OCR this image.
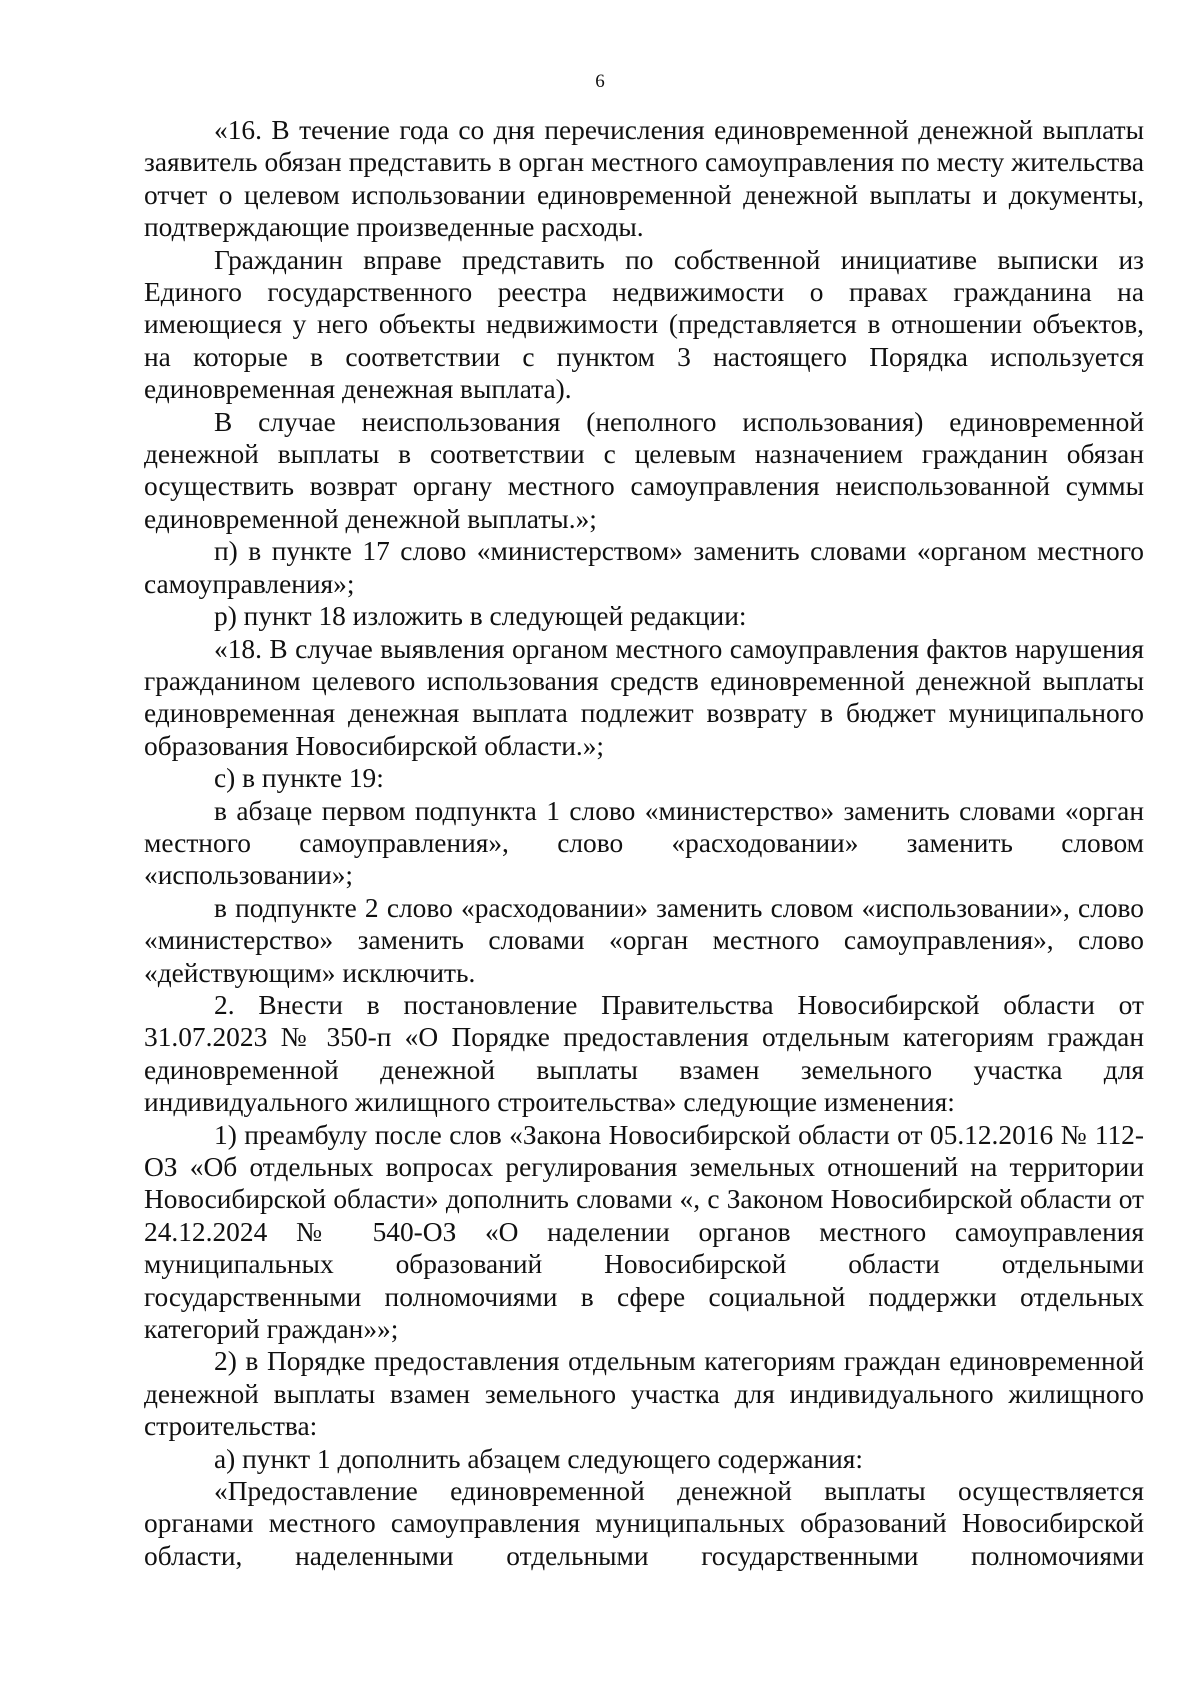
6

«16. В течение года со дня перечисления единовременной денежной выплаты заявитель обязан представить в орган местного самоуправления по месту жительства отчет о целевом использовании единовременной денежной выплаты и документы, подтверждающие произведенные расходы.

Гражданин вправе представить по собственной инициативе выписки из Единого государственного реестра недвижимости о правах гражданина на имеющиеся у него объекты недвижимости (представляется в отношении объектов, на которые в соответствии с пунктом 3 настоящего Порядка используется единовременная денежная выплата).

В случае неиспользования (неполного использования) единовременной денежной выплаты в соответствии с целевым назначением гражданин обязан осуществить возврат органу местного самоуправления неиспользованной суммы единовременной денежной выплаты.»;

п) в пункте 17 слово «министерством» заменить словами «органом местного самоуправления»;

р) пункт 18 изложить в следующей редакции:

«18. В случае выявления органом местного самоуправления фактов нарушения гражданином целевого использования средств единовременной денежной выплаты единовременная денежная выплата подлежит возврату в бюджет муниципального образования Новосибирской области.»;

с) в пункте 19:

в абзаце первом подпункта 1 слово «министерство» заменить словами «орган местного самоуправления», слово «расходовании» заменить словом «использовании»;

в подпункте 2 слово «расходовании» заменить словом «использовании», слово «министерство» заменить словами «орган местного самоуправления», слово «действующим» исключить.

2. Внести в постановление Правительства Новосибирской области от 31.07.2023 № 350-п «О Порядке предоставления отдельным категориям граждан единовременной денежной выплаты взамен земельного участка для индивидуального жилищного строительства» следующие изменения:

1) преамбулу после слов «Закона Новосибирской области от 05.12.2016 № 112-ОЗ «Об отдельных вопросах регулирования земельных отношений на территории Новосибирской области» дополнить словами «, с Законом Новосибирской области от 24.12.2024 № 540-ОЗ «О наделении органов местного самоуправления муниципальных образований Новосибирской области отдельными государственными полномочиями в сфере социальной поддержки отдельных категорий граждан»»;

2) в Порядке предоставления отдельным категориям граждан единовременной денежной выплаты взамен земельного участка для индивидуального жилищного строительства:

а) пункт 1 дополнить абзацем следующего содержания:

«Предоставление единовременной денежной выплаты осуществляется органами местного самоуправления муниципальных образований Новосибирской области, наделенными отдельными государственными полномочиями
